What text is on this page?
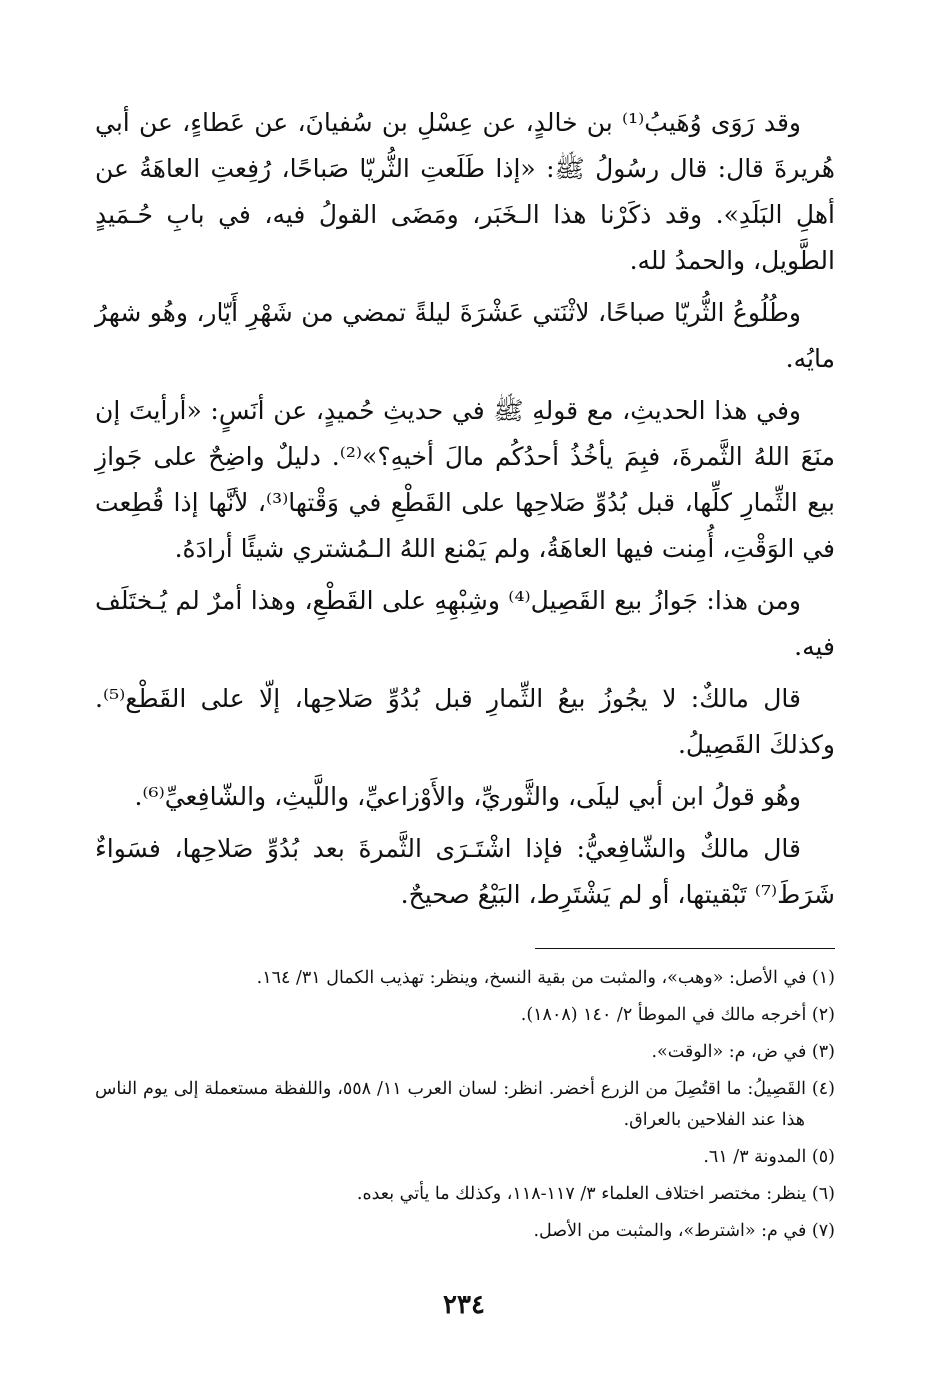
وقد رَوَى وُهَيبُ⁽¹⁾ بن خالدٍ، عن عِسْلِ بن سُفيانَ، عن عَطاءٍ، عن أبي هُريرةَ قال: قال رسُولُ ﷺ: «إذا طَلَعتِ الثُّريّا صَباحًا، رُفِعتِ العاهَةُ عن أهلِ البَلَدِ». وقد ذكَرْنا هذا الـخَبَر، ومَضَى القولُ فيه، في بابِ حُـمَيدٍ الطَّويل، والحمدُ لله.

وطُلُوعُ الثُّريّا صباحًا، لاثْنَتي عَشْرَةَ ليلةً تمضي من شَهْرِ أَيّار، وهُو شهرُ مايُه.

وفي هذا الحديثِ، مع قولهِ ﷺ في حديثِ حُميدٍ، عن أنَسٍ: «أرأيتَ إن منَعَ اللهُ الثَّمرةَ، فبِمَ يأخُذُ أحدُكُم مالَ أخيهِ؟»⁽²⁾. دليلٌ واضِحٌ على جَوازِ بيع الثِّمارِ كلِّها، قبل بُدُوِّ صَلاحِها على القَطْعِ في وَقْتها⁽³⁾، لأنَّها إذا قُطِعت في الوَقْتِ، أُمِنت فيها العاهَةُ، ولم يَمْنع اللهُ الـمُشتري شيئًا أرادَهُ.

ومن هذا: جَوازُ بيع القَصِيل⁽⁴⁾ وشِبْهِهِ على القَطْعِ، وهذا أمرٌ لم يُـختَلَف فيه.

قال مالكٌ: لا يجُوزُ بيعُ الثِّمارِ قبل بُدُوِّ صَلاحِها، إلّا على القَطْع⁽⁵⁾. وكذلكَ القَصِيلُ.

وهُو قولُ ابن أبي ليلَى، والثَّوريِّ، والأَوْزاعيِّ، واللَّيثِ، والشّافِعيِّ⁽⁶⁾.

قال مالكٌ والشّافِعيُّ: فإذا اشْتَـرَى الثَّمرةَ بعد بُدُوِّ صَلاحِها، فسَواءٌ شَرَطَ⁽⁷⁾ تَبْقيتها، أو لم يَشْتَرِط، البَيْعُ صحيحٌ.

(١) في الأصل: «وهب»، والمثبت من بقية النسخ، وينظر: تهذيب الكمال ٣١/ ١٦٤.

(٢) أخرجه مالك في الموطأ ٢/ ١٤٠ (١٨٠٨).

(٣) في ض، م: «الوقت».

(٤) القَصِيلُ: ما اقتُصِلَ من الزرع أخضر. انظر: لسان العرب ١١/ ٥٥٨، واللفظة مستعملة إلى يوم الناس هذا عند الفلاحين بالعراق.

(٥) المدونة ٣/ ٦١.

(٦) ينظر: مختصر اختلاف العلماء ٣/ ١١٧-١١٨، وكذلك ما يأتي بعده.

(٧) في م: «اشترط»، والمثبت من الأصل.

٢٣٤
